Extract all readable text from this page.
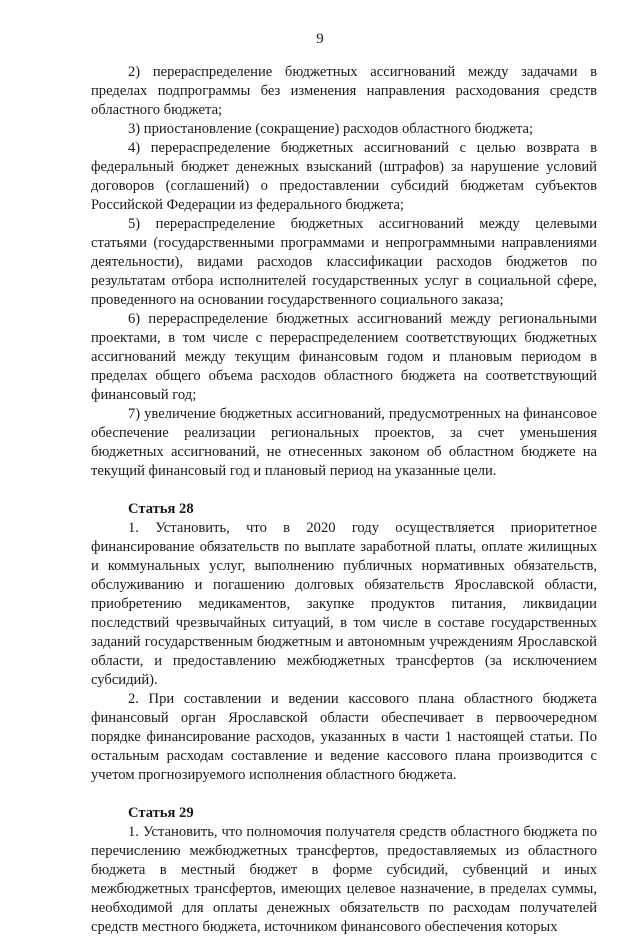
9

2) перераспределение бюджетных ассигнований между задачами в пределах подпрограммы без изменения направления расходования средств областного бюджета;

3) приостановление (сокращение) расходов областного бюджета;

4) перераспределение бюджетных ассигнований с целью возврата в федеральный бюджет денежных взысканий (штрафов) за нарушение условий договоров (соглашений) о предоставлении субсидий бюджетам субъектов Российской Федерации из федерального бюджета;

5) перераспределение бюджетных ассигнований между целевыми статьями (государственными программами и непрограммными направлениями деятельности), видами расходов классификации расходов бюджетов по результатам отбора исполнителей государственных услуг в социальной сфере, проведенного на основании государственного социального заказа;

6) перераспределение бюджетных ассигнований между региональными проектами, в том числе с перераспределением соответствующих бюджетных ассигнований между текущим финансовым годом и плановым периодом в пределах общего объема расходов областного бюджета на соответствующий финансовый год;

7) увеличение бюджетных ассигнований, предусмотренных на финансовое обеспечение реализации региональных проектов, за счет уменьшения бюджетных ассигнований, не отнесенных законом об областном бюджете на текущий финансовый год и плановый период на указанные цели.

Статья 28

1. Установить, что в 2020 году осуществляется приоритетное финансирование обязательств по выплате заработной платы, оплате жилищных и коммунальных услуг, выполнению публичных нормативных обязательств, обслуживанию и погашению долговых обязательств Ярославской области, приобретению медикаментов, закупке продуктов питания, ликвидации последствий чрезвычайных ситуаций, в том числе в составе государственных заданий государственным бюджетным и автономным учреждениям Ярославской области, и предоставлению межбюджетных трансфертов (за исключением субсидий).

2. При составлении и ведении кассового плана областного бюджета финансовый орган Ярославской области обеспечивает в первоочередном порядке финансирование расходов, указанных в части 1 настоящей статьи. По остальным расходам составление и ведение кассового плана производится с учетом прогнозируемого исполнения областного бюджета.

Статья 29

1. Установить, что полномочия получателя средств областного бюджета по перечислению межбюджетных трансфертов, предоставляемых из областного бюджета в местный бюджет в форме субсидий, субвенций и иных межбюджетных трансфертов, имеющих целевое назначение, в пределах суммы, необходимой для оплаты денежных обязательств по расходам получателей средств местного бюджета, источником финансового обеспечения которых
